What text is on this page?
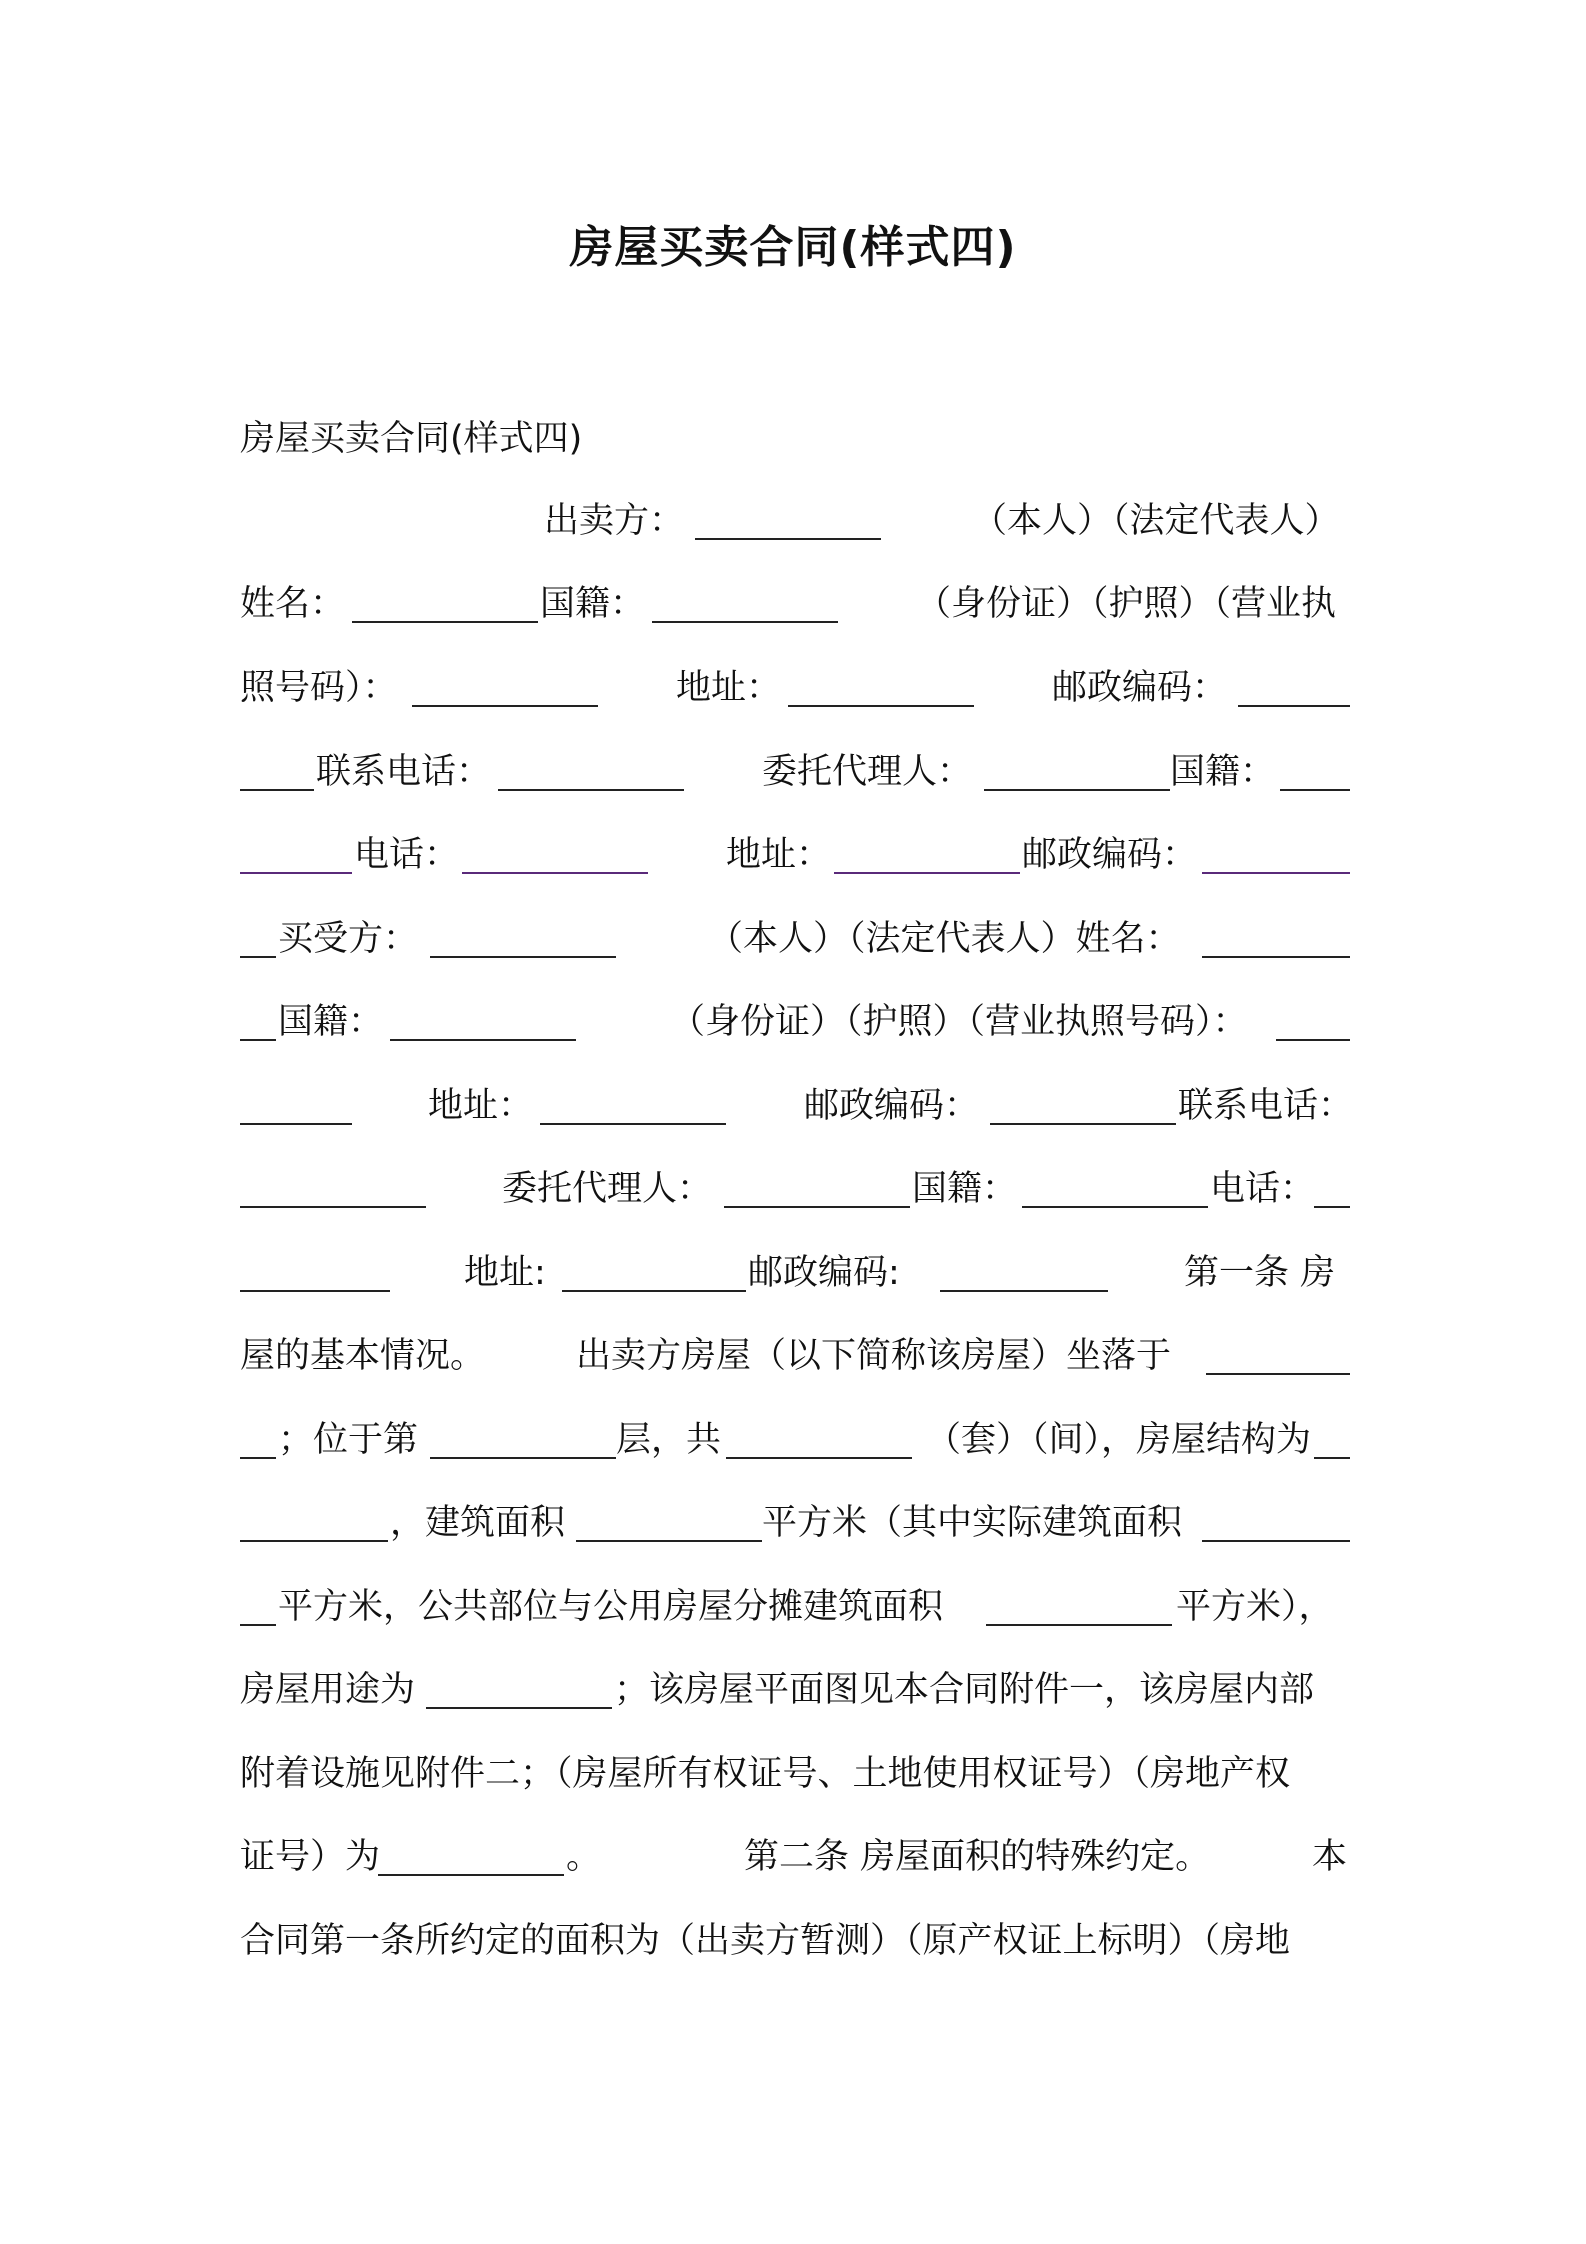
房屋买卖合同(样式四)
房屋买卖合同(样式四)
出卖方：	（本人）（法定代表人）
姓名：	国籍：	（身份证）（护照）（营业执
照号码）：	地址：	邮政编码：
联系电话：	委托代理人：	国籍：
电话：	地址：	邮政编码：
买受方：	（本人）（法定代表人）姓名：
国籍：	（身份证）（护照）（营业执照号码）：
地址：	邮政编码：	联系电话：
委托代理人：	国籍：	电话：
地址:	邮政编码:	第一条 房
屋的基本情况。	出卖方房屋（以下简称该房屋）坐落于
；位于第	层，共	（套）（间），房屋结构为
，建筑面积	平方米（其中实际建筑面积
平方米，公共部位与公用房屋分摊建筑面积	平方米），
房屋用途为	；该房屋平面图见本合同附件一，该房屋内部
附着设施见附件二；（房屋所有权证号、土地使用权证号）（房地产权
证号）为	。	第二条 房屋面积的特殊约定。	本
合同第一条所约定的面积为（出卖方暂测）（原产权证上标明）（房地
